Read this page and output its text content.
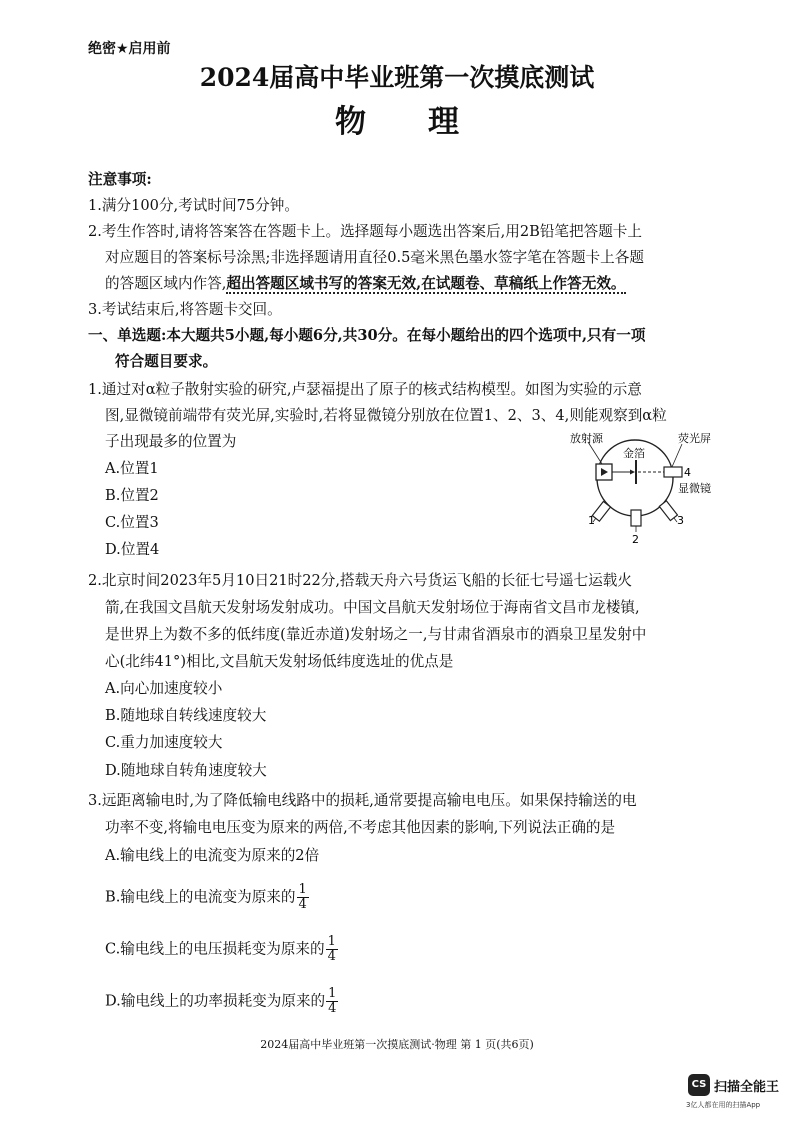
绝密★启用前
2024届高中毕业班第一次摸底测试
物理
注意事项:
1.满分100分,考试时间75分钟。
2.考生作答时,请将答案答在答题卡上。选择题每小题选出答案后,用2B铅笔把答题卡上
对应题目的答案标号涂黑;非选择题请用直径0.5毫米黑色墨水签字笔在答题卡上各题
的答题区域内作答,超出答题区域书写的答案无效,在试题卷、草稿纸上作答无效。
3.考试结束后,将答题卡交回。
一、单选题:本大题共5小题,每小题6分,共30分。在每小题给出的四个选项中,只有一项
符合题目要求。
1.通过对α粒子散射实验的研究,卢瑟福提出了原子的核式结构模型。如图为实验的示意
图,显微镜前端带有荧光屏,实验时,若将显微镜分别放在位置1、2、3、4,则能观察到α粒
子出现最多的位置为
A.位置1
B.位置2
C.位置3
D.位置4
放射源
金箔
荧光屏
4
显微镜
1
2
3
2.北京时间2023年5月10日21时22分,搭载天舟六号货运飞船的长征七号遥七运载火
箭,在我国文昌航天发射场发射成功。中国文昌航天发射场位于海南省文昌市龙楼镇,
是世界上为数不多的低纬度(靠近赤道)发射场之一,与甘肃省酒泉市的酒泉卫星发射中
心(北纬41°)相比,文昌航天发射场低纬度选址的优点是
A.向心加速度较小
B.随地球自转线速度较大
C.重力加速度较大
D.随地球自转角速度较大
3.远距离输电时,为了降低输电线路中的损耗,通常要提高输电电压。如果保持输送的电
功率不变,将输电电压变为原来的两倍,不考虑其他因素的影响,下列说法正确的是
A.输电线上的电流变为原来的2倍
B.输电线上的电流变为原来的 $\frac{1}{4}$
C.输电线上的电压损耗变为原来的 $\frac{1}{4}$
D.输电线上的功率损耗变为原来的 $\frac{1}{4}$
2024届高中毕业班第一次摸底测试·物理 第 1 页(共6页)
CS 扫描全能王
3亿人都在用的扫描App
